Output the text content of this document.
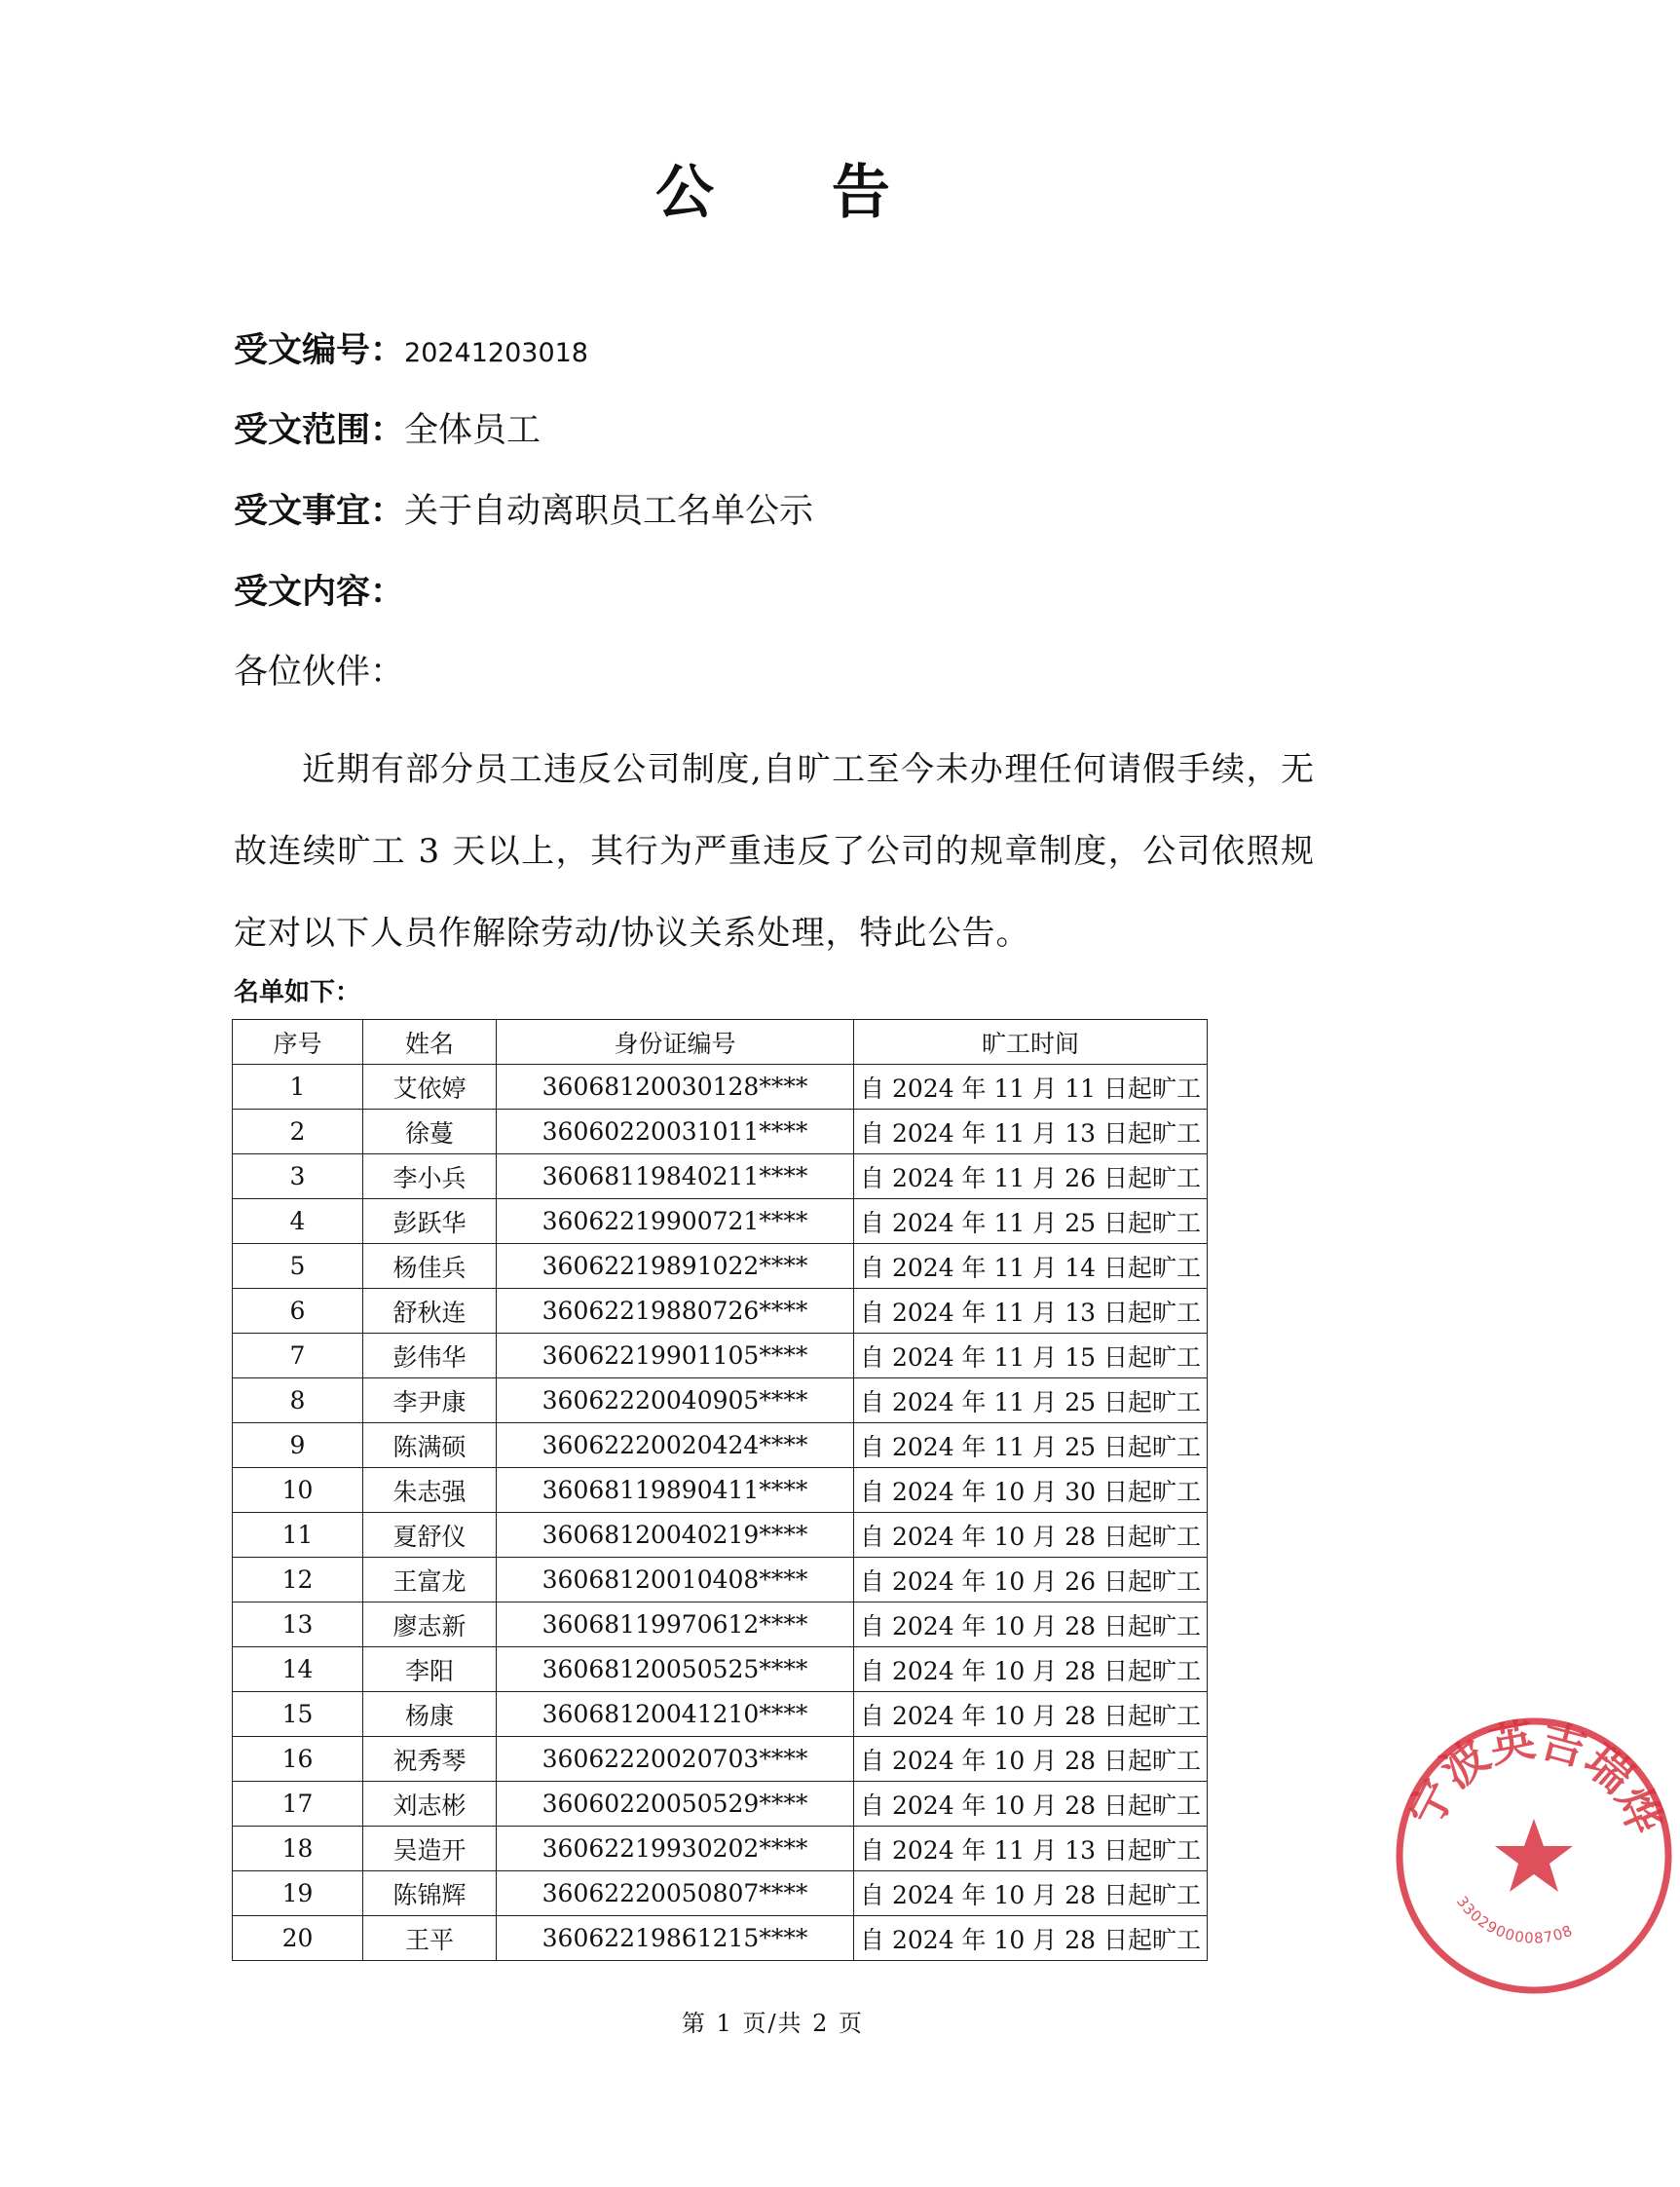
公 告
受文编号：20241203018
受文范围：全体员工
受文事宜：关于自动离职员工名单公示
受文内容：
各位伙伴：
近期有部分员工违反公司制度,自旷工至今未办理任何请假手续，无故连续旷工 3 天以上，其行为严重违反了公司的规章制度，公司依照规定对以下人员作解除劳动/协议关系处理，特此公告。
名单如下：
序号	姓名	身份证编号	旷工时间
1	艾依婷	36068120030128****	自 2024 年 11 月 11 日起旷工
2	徐蔓	36060220031011****	自 2024 年 11 月 13 日起旷工
3	李小兵	36068119840211****	自 2024 年 11 月 26 日起旷工
4	彭跃华	36062219900721****	自 2024 年 11 月 25 日起旷工
5	杨佳兵	36062219891022****	自 2024 年 11 月 14 日起旷工
6	舒秋连	36062219880726****	自 2024 年 11 月 13 日起旷工
7	彭伟华	36062219901105****	自 2024 年 11 月 15 日起旷工
8	李尹康	36062220040905****	自 2024 年 11 月 25 日起旷工
9	陈满硕	36062220020424****	自 2024 年 11 月 25 日起旷工
10	朱志强	36068119890411****	自 2024 年 10 月 30 日起旷工
11	夏舒仪	36068120040219****	自 2024 年 10 月 28 日起旷工
12	王富龙	36068120010408****	自 2024 年 10 月 26 日起旷工
13	廖志新	36068119970612****	自 2024 年 10 月 28 日起旷工
14	李阳	36068120050525****	自 2024 年 10 月 28 日起旷工
15	杨康	36068120041210****	自 2024 年 10 月 28 日起旷工
16	祝秀琴	36062220020703****	自 2024 年 10 月 28 日起旷工
17	刘志彬	36060220050529****	自 2024 年 10 月 28 日起旷工
18	吴造开	36062219930202****	自 2024 年 11 月 13 日起旷工
19	陈锦辉	36062220050807****	自 2024 年 10 月 28 日起旷工
20	王平	36062219861215****	自 2024 年 10 月 28 日起旷工
第 1 页/共 2 页
宁波英吉瑞烨
3302900008708
